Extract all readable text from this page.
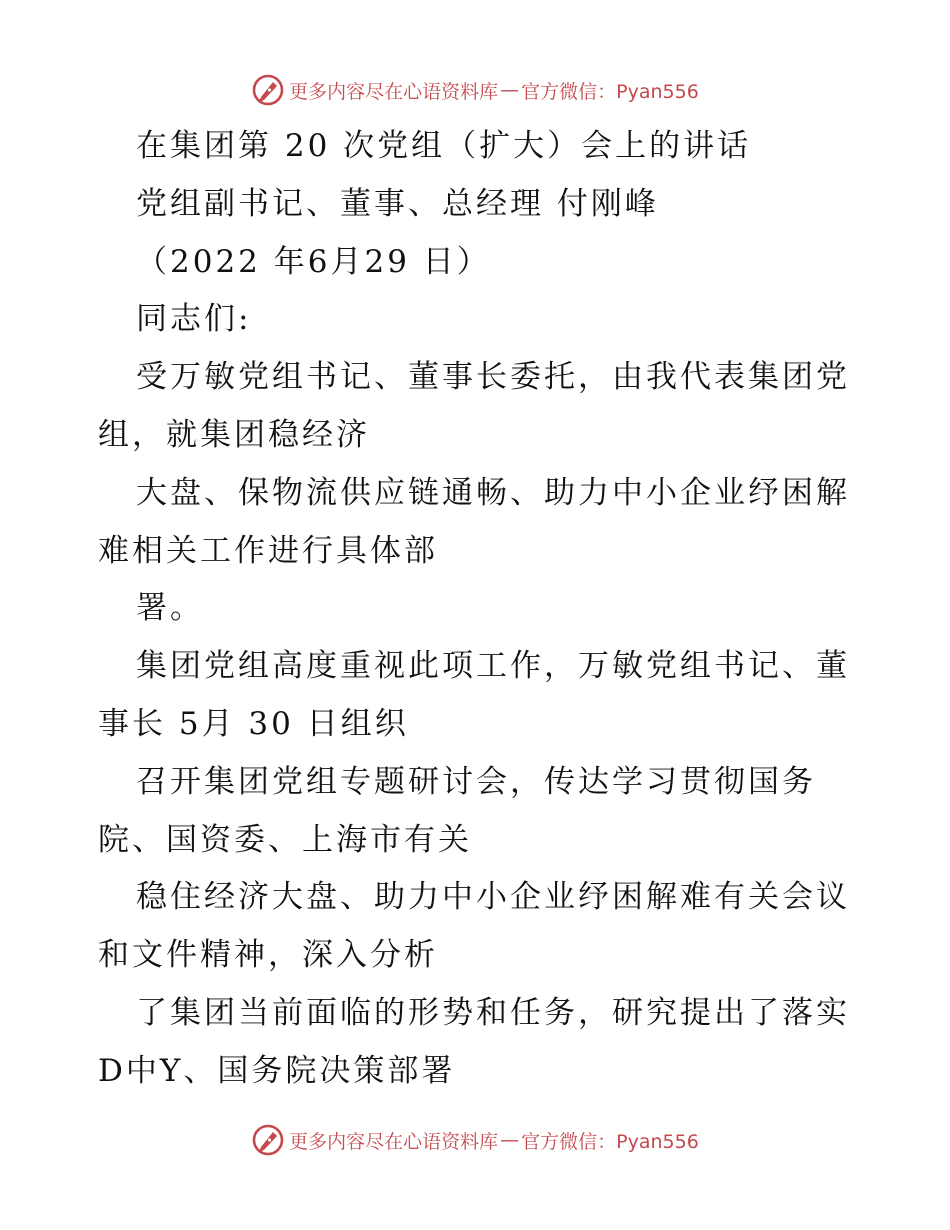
更多内容尽在心语资料库 — 官方微信：Pyan556
在集团第 20 次党组（扩大）会上的讲话
党组副书记、董事、总经理 付刚峰
（2022 年6月29 日）
同志们:
受万敏党组书记、董事长委托，由我代表集团党
组，就集团稳经济
大盘、保物流供应链通畅、助力中小企业纾困解
难相关工作进行具体部
署。
集团党组高度重视此项工作，万敏党组书记、董
事长 5月 30 日组织
召开集团党组专题研讨会，传达学习贯彻国务
院、国资委、上海市有关
稳住经济大盘、助力中小企业纾困解难有关会议
和文件精神，深入分析
了集团当前面临的形势和任务，研究提出了落实
D中Y、国务院决策部署
更多内容尽在心语资料库 — 官方微信：Pyan556
